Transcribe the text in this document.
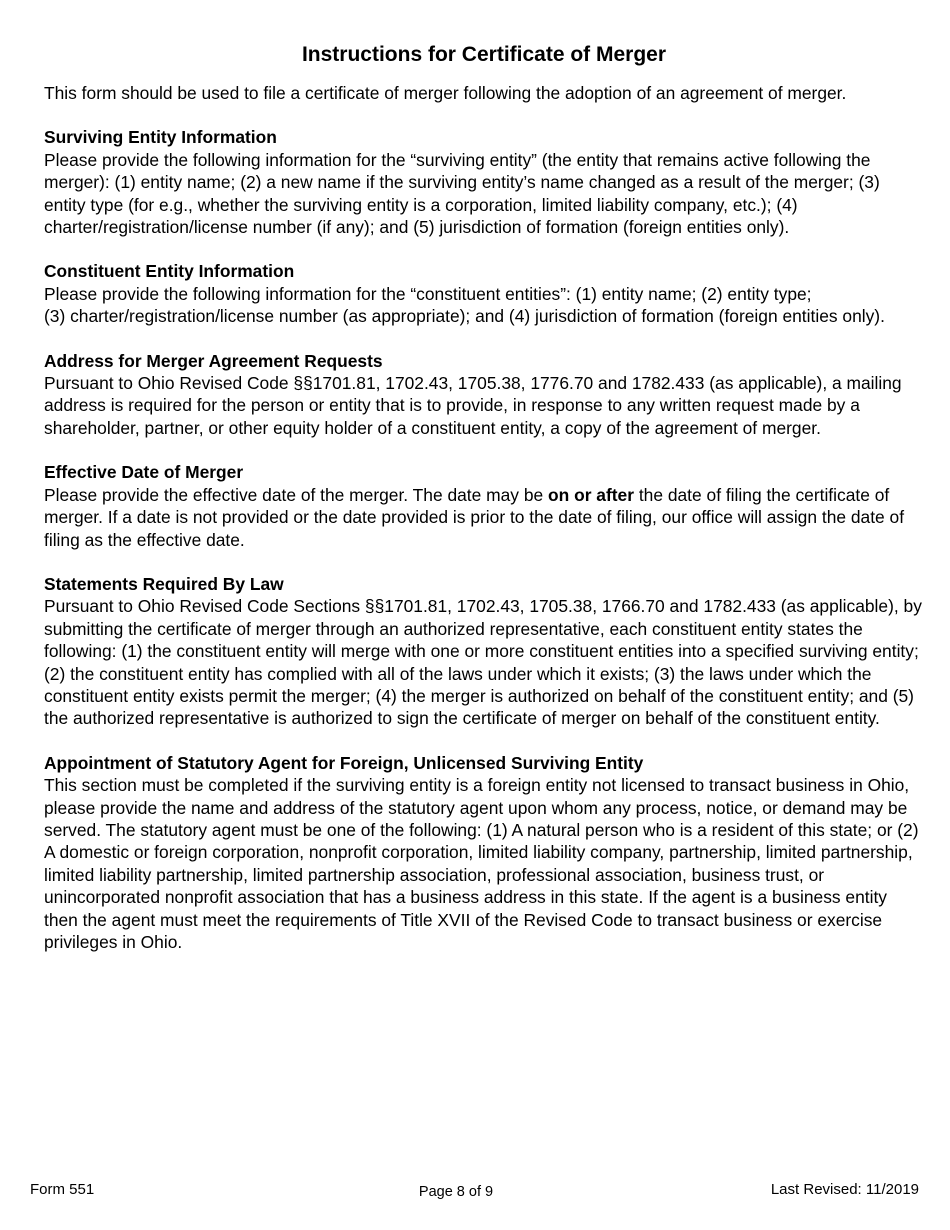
Instructions for Certificate of Merger

This form should be used to file a certificate of merger following the adoption of an agreement of merger.

Surviving Entity Information

Please provide the following information for the “surviving entity” (the entity that remains active following the merger): (1) entity name; (2) a new name if the surviving entity’s name changed as a result of the merger; (3) entity type (for e.g., whether the surviving entity is a corporation, limited liability company, etc.); (4) charter/registration/license number (if any); and (5) jurisdiction of formation (foreign entities only).

Constituent Entity Information

Please provide the following information for the “constituent entities”: (1) entity name; (2) entity type;
(3) charter/registration/license number (as appropriate); and (4) jurisdiction of formation (foreign entities only).

Address for Merger Agreement Requests

Pursuant to Ohio Revised Code §§1701.81, 1702.43, 1705.38, 1776.70 and 1782.433 (as applicable), a mailing address is required for the person or entity that is to provide, in response to any written request made by a shareholder, partner, or other equity holder of a constituent entity, a copy of the agreement of merger.

Effective Date of Merger

Please provide the effective date of the merger. The date may be on or after the date of filing the certificate of merger. If a date is not provided or the date provided is prior to the date of filing, our office will assign the date of filing as the effective date.

Statements Required By Law

Pursuant to Ohio Revised Code Sections §§1701.81, 1702.43, 1705.38, 1766.70 and 1782.433 (as applicable), by submitting the certificate of merger through an authorized representative, each constituent entity states the following: (1) the constituent entity will merge with one or more constituent entities into a specified surviving entity; (2) the constituent entity has complied with all of the laws under which it exists; (3) the laws under which the constituent entity exists permit the merger; (4) the merger is authorized on behalf of the constituent entity; and (5) the authorized representative is authorized to sign the certificate of merger on behalf of the constituent entity.

Appointment of Statutory Agent for Foreign, Unlicensed Surviving Entity

This section must be completed if the surviving entity is a foreign entity not licensed to transact business in Ohio, please provide the name and address of the statutory agent upon whom any process, notice, or demand may be served. The statutory agent must be one of the following: (1) A natural person who is a resident of this state; or (2) A domestic or foreign corporation, nonprofit corporation, limited liability company, partnership, limited partnership, limited liability partnership, limited partnership association, professional association, business trust, or unincorporated nonprofit association that has a business address in this state. If the agent is a business entity then the agent must meet the requirements of Title XVII of the Revised Code to transact business or exercise privileges in Ohio.

Form 551	Page 8 of 9	Last Revised: 11/2019
